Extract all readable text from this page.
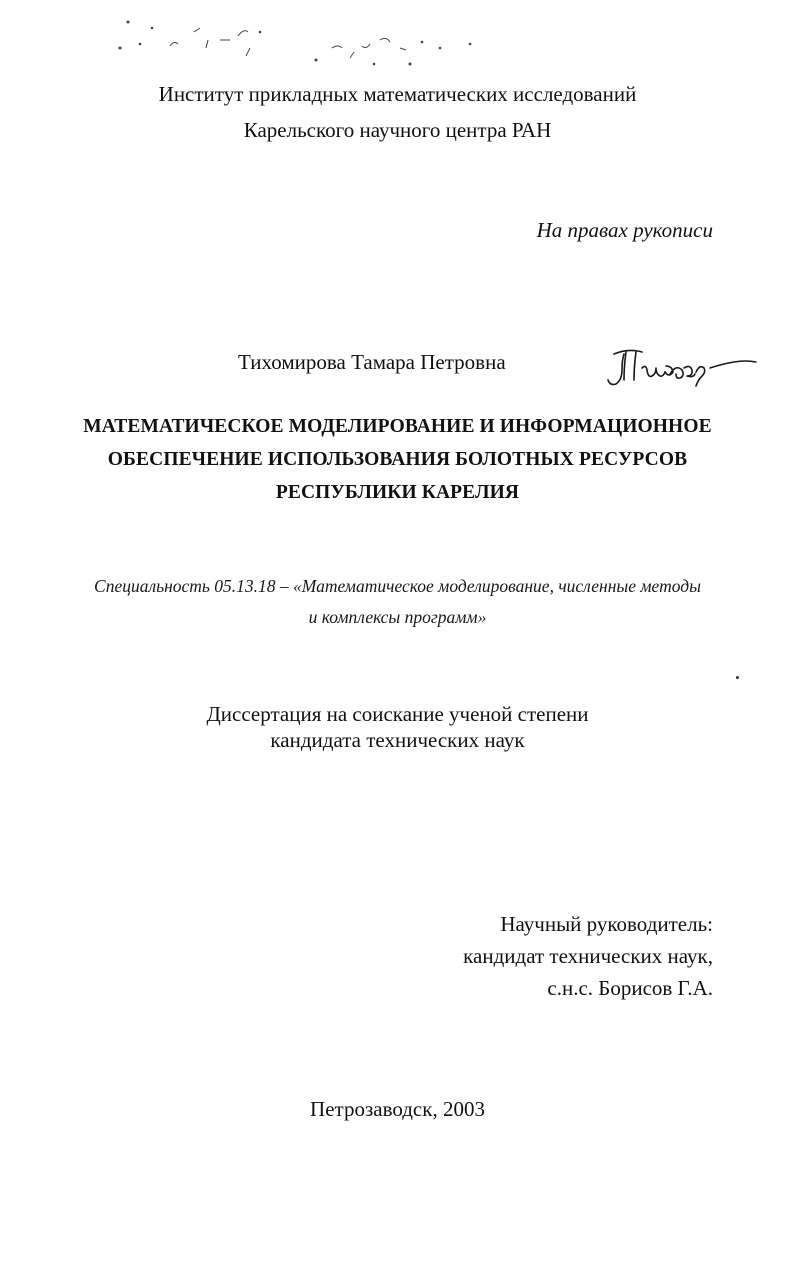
Институт прикладных математических исследований
Карельского научного центра РАН
На правах рукописи
Тихомирова Тамара Петровна
МАТЕМАТИЧЕСКОЕ МОДЕЛИРОВАНИЕ И ИНФОРМАЦИОННОЕ
ОБЕСПЕЧЕНИЕ ИСПОЛЬЗОВАНИЯ БОЛОТНЫХ РЕСУРСОВ
РЕСПУБЛИКИ КАРЕЛИЯ
Специальность 05.13.18 – «Математическое моделирование, численные методы
и комплексы программ»
Диссертация на соискание ученой степени
кандидата технических наук
Научный руководитель:
кандидат технических наук,
с.н.с. Борисов Г.А.
Петрозаводск, 2003
